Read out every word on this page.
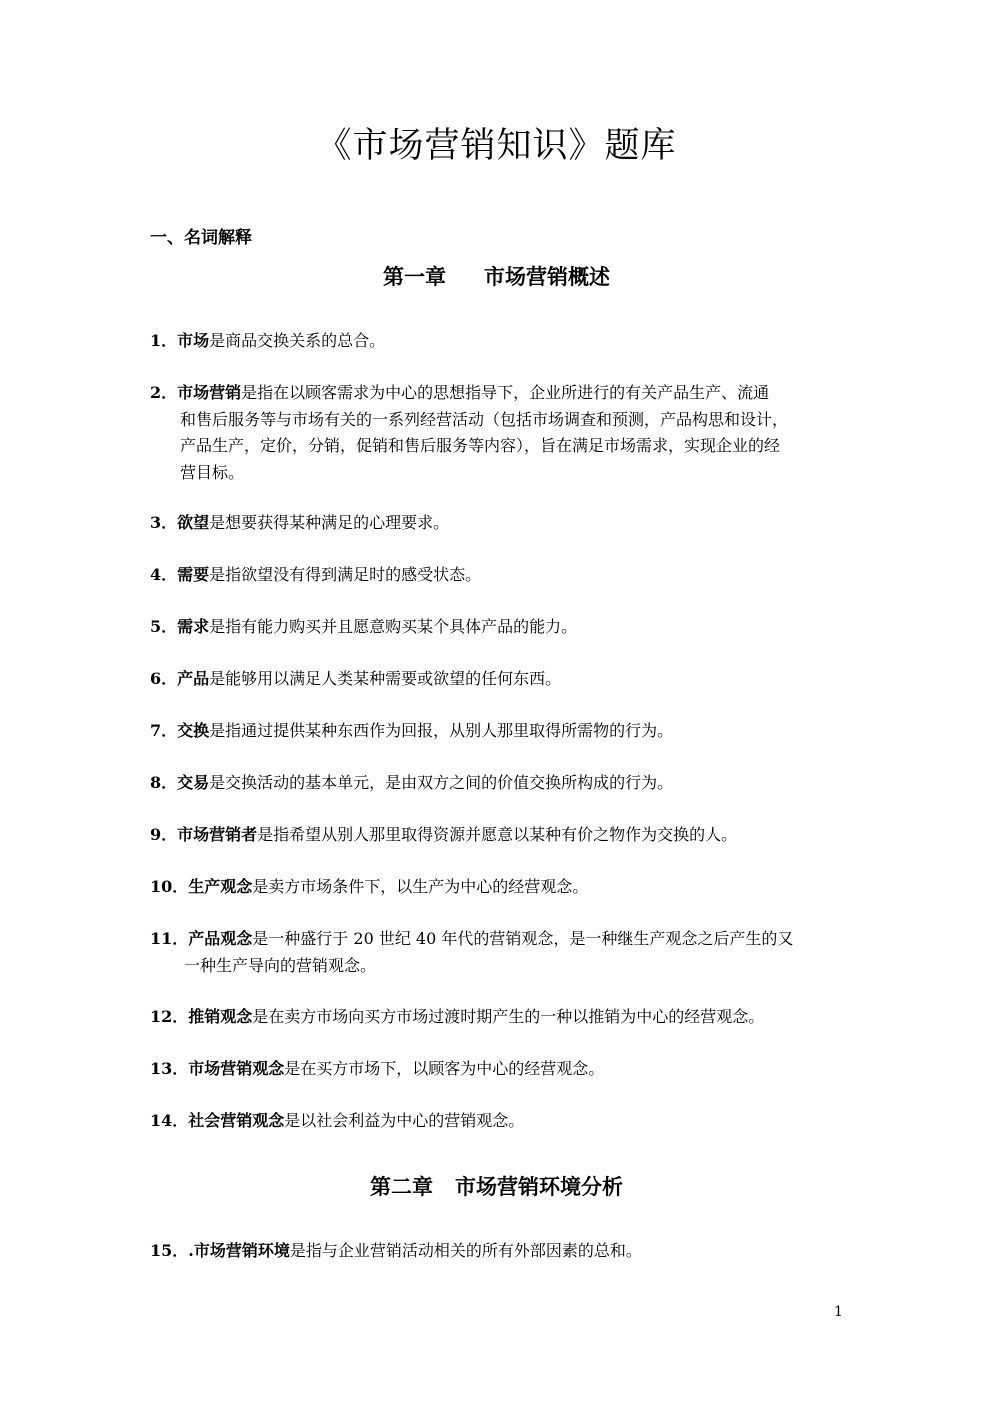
《市场营销知识》题库
一、名词解释
第一章 市场营销概述
1．市场是商品交换关系的总合。
2．市场营销是指在以顾客需求为中心的思想指导下，企业所进行的有关产品生产、流通
和售后服务等与市场有关的一系列经营活动（包括市场调查和预测，产品构思和设计，
产品生产，定价，分销，促销和售后服务等内容），旨在满足市场需求，实现企业的经
营目标。
3．欲望是想要获得某种满足的心理要求。
4．需要是指欲望没有得到满足时的感受状态。
5．需求是指有能力购买并且愿意购买某个具体产品的能力。
6．产品是能够用以满足人类某种需要或欲望的任何东西。
7．交换是指通过提供某种东西作为回报，从别人那里取得所需物的行为。
8．交易是交换活动的基本单元，是由双方之间的价值交换所构成的行为。
9．市场营销者是指希望从别人那里取得资源并愿意以某种有价之物作为交换的人。
10．生产观念是卖方市场条件下，以生产为中心的经营观念。
11．产品观念是一种盛行于 20 世纪 40 年代的营销观念，是一种继生产观念之后产生的又
一种生产导向的营销观念。
12．推销观念是在卖方市场向买方市场过渡时期产生的一种以推销为中心的经营观念。
13．市场营销观念是在买方市场下，以顾客为中心的经营观念。
14．社会营销观念是以社会利益为中心的营销观念。
第二章 市场营销环境分析
15．.市场营销环境是指与企业营销活动相关的所有外部因素的总和。
1
